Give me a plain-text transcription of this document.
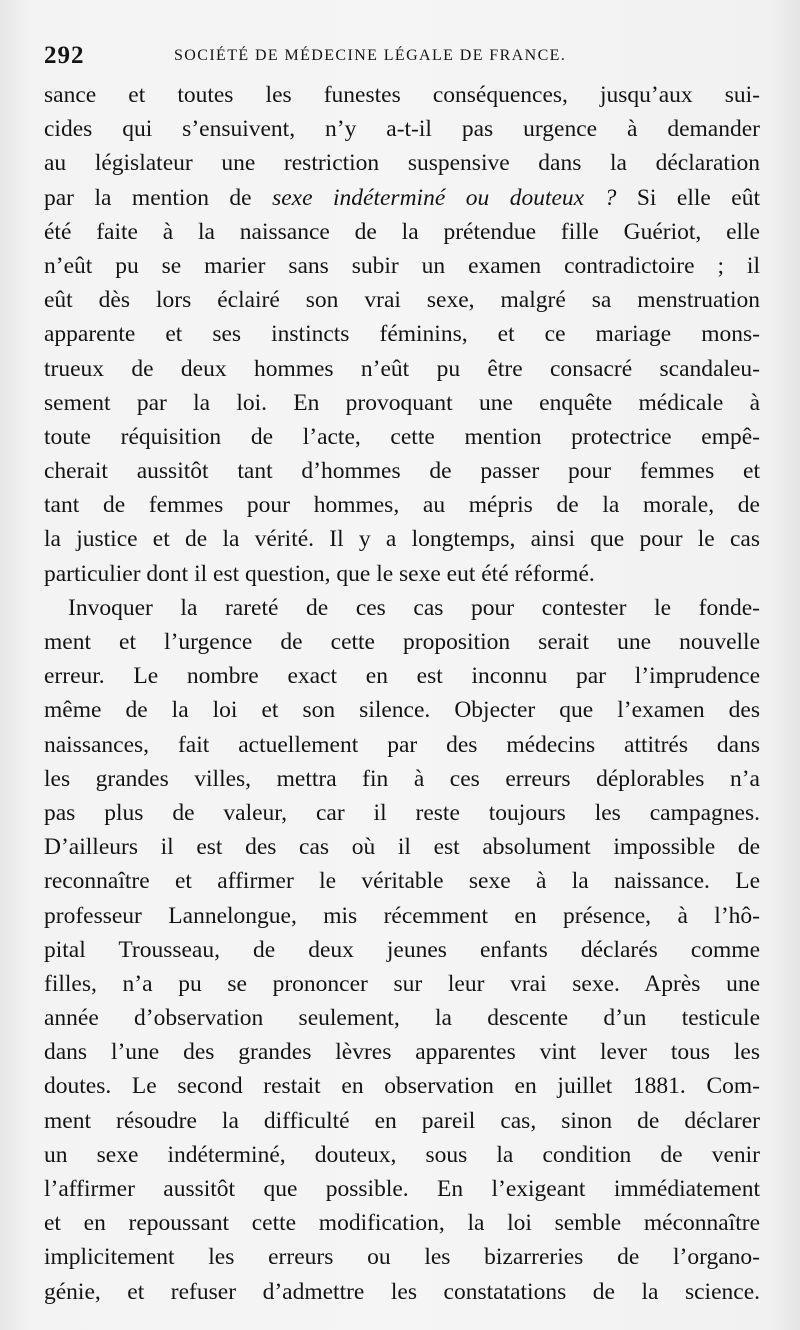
292	SOCIÉTÉ DE MÉDECINE LÉGALE DE FRANCE.
sance et toutes les funestes conséquences, jusqu’aux sui-
cides qui s’ensuivent, n’y a-t-il pas urgence à demander
au législateur une restriction suspensive dans la déclaration
par la mention de sexe indéterminé ou douteux ? Si elle eût
été faite à la naissance de la prétendue fille Guériot, elle
n’eût pu se marier sans subir un examen contradictoire ; il
eût dès lors éclairé son vrai sexe, malgré sa menstruation
apparente et ses instincts féminins, et ce mariage mons-
trueux de deux hommes n’eût pu être consacré scandaleu-
sement par la loi. En provoquant une enquête médicale à
toute réquisition de l’acte, cette mention protectrice empê-
cherait aussitôt tant d’hommes de passer pour femmes et
tant de femmes pour hommes, au mépris de la morale, de
la justice et de la vérité. Il y a longtemps, ainsi que pour le cas
particulier dont il est question, que le sexe eut été réformé.
Invoquer la rareté de ces cas pour contester le fonde-
ment et l’urgence de cette proposition serait une nouvelle
erreur. Le nombre exact en est inconnu par l’imprudence
même de la loi et son silence. Objecter que l’examen des
naissances, fait actuellement par des médecins attitrés dans
les grandes villes, mettra fin à ces erreurs déplorables n’a
pas plus de valeur, car il reste toujours les campagnes.
D’ailleurs il est des cas où il est absolument impossible de
reconnaître et affirmer le véritable sexe à la naissance. Le
professeur Lannelongue, mis récemment en présence, à l’hô-
pital Trousseau, de deux jeunes enfants déclarés comme
filles, n’a pu se prononcer sur leur vrai sexe. Après une
année d’observation seulement, la descente d’un testicule
dans l’une des grandes lèvres apparentes vint lever tous les
doutes. Le second restait en observation en juillet 1881. Com-
ment résoudre la difficulté en pareil cas, sinon de déclarer
un sexe indéterminé, douteux, sous la condition de venir
l’affirmer aussitôt que possible. En l’exigeant immédiatement
et en repoussant cette modification, la loi semble méconnaître
implicitement les erreurs ou les bizarreries de l’organo-
génie, et refuser d’admettre les constatations de la science.
